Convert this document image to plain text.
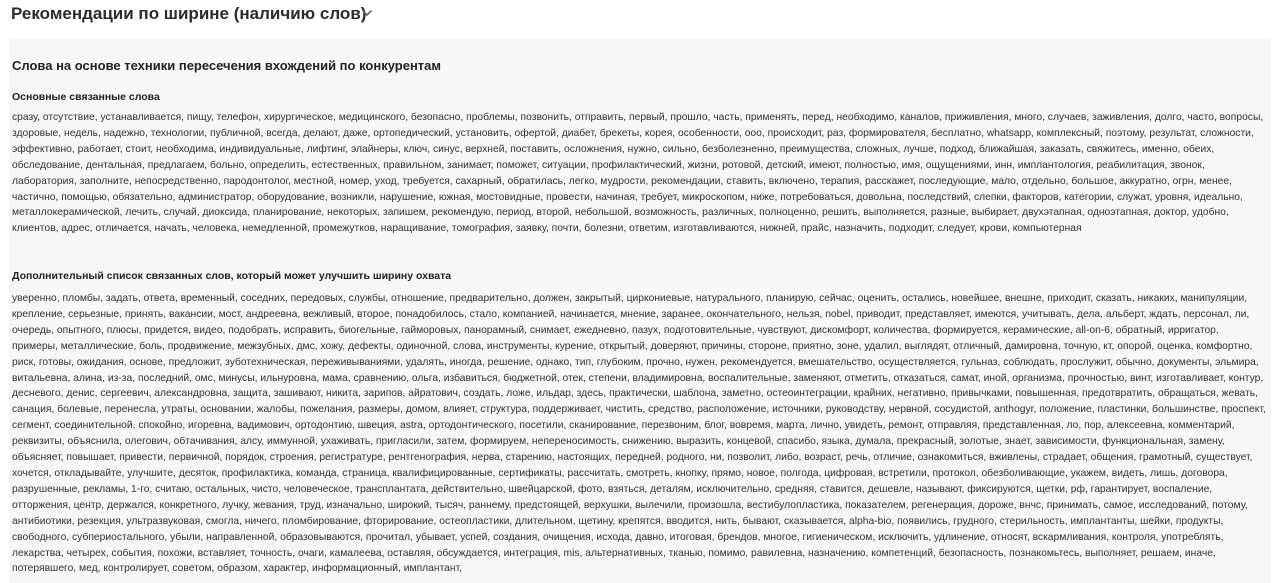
Рекомендации по ширине (наличию слов)
Слова на основе техники пересечения вхождений по конкурентам
Основные связанные слова
сразу, отсутствие, устанавливается, пищу, телефон, хирургическое, медицинского, безопасно, проблемы, позвонить, отправить, первый, прошло, часть, применять, перед, необходимо, каналов, приживления, много, случаев, заживления, долго, часто, вопросы, здоровые, недель, надежно, технологии, публичной, всегда, делают, даже, ортопедический, установить, офертой, диабет, брекеты, корея, особенности, ооо, происходит, раз, формирователя, бесплатно, whatsapp, комплексный, поэтому, результат, сложности, эффективно, работает, стоит, необходима, индивидуальные, лифтинг, элайнеры, ключ, синус, верхней, поставить, осложнения, нужно, сильно, безболезненно, преимущества, сложных, лучше, подход, ближайшая, заказать, свяжитесь, именно, обеих, обследование, дентальная, предлагаем, больно, определить, естественных, правильном, занимает, поможет, ситуации, профилактический, жизни, ротовой, детский, имеют, полностью, имя, ощущениями, инн, имплантология, реабилитация, звонок, лаборатория, заполните, непосредственно, пародонтолог, местной, номер, уход, требуется, сахарный, обратилась, легко, мудрости, рекомендации, ставить, включено, терапия, расскажет, последующие, мало, отдельно, большое, аккуратно, огрн, менее, частично, помощью, обязательно, администратор, оборудование, возникли, нарушение, южная, мостовидные, провести, начиная, требует, микроскопом, ниже, потребоваться, довольна, последствий, слепки, факторов, категории, служат, уровня, идеально, металлокерамической, лечить, случай, диоксида, планирование, некоторых, запишем, рекомендую, период, второй, небольшой, возможность, различных, полноценно, решить, выполняется, разные, выбирает, двухэтапная, одноэтапная, доктор, удобно, клиентов, адрес, отличается, начать, человека, немедленной, промежутков, наращивание, томография, заявку, почти, болезни, ответим, изготавливаются, нижней, прайс, назначить, подходит, следует, крови, компьютерная
Дополнительный список связанных слов, который может улучшить ширину охвата
уверенно, пломбы, задать, ответа, временный, соседних, передовых, службы, отношение, предварительно, должен, закрытый, циркониевые, натурального, планирую, сейчас, оценить, остались, новейшее, внешне, приходит, сказать, никаких, манипуляции, крепление, серьезные, принять, вакансии, мост, андреевна, вежливый, второе, понадобилось, стало, компанией, начинается, мнение, заранее, окончательного, нельзя, nobel, приводит, представляет, имеются, учитывать, дела, альберт, ждать, персонал, ли, очередь, опытного, плюсы, придется, видео, подобрать, исправить, биогельные, гайморовых, панорамный, снимает, ежедневно, пазух, подготовительные, чувствуют, дискомфорт, количества, формируется, керамические, all-on-6, обратный, ирригатор, примеры, металлические, боль, продвижение, межзубных, дмс, хожу, дефекты, одиночной, слова, инструменты, курение, открытый, доверяют, причины, стороне, приятно, зоне, удалил, выглядят, отличный, дамировна, точную, кт, опорой, оценка, комфортно, риск, готовы, ожидания, основе, предложит, зуботехническая, переживываниями, удалять, иногда, решение, однако, тип, глубоким, прочно, нужен, рекомендуется, вмешательство, осуществляется, гульназ, соблюдать, прослужит, обычно, документы, эльмира, витальевна, алина, из-за, последний, омс, минусы, ильнуровна, мама, сравнению, ольга, избавиться, бюджетной, отек, степени, владимировна, воспалительные, заменяют, отметить, отказаться, самат, иной, организма, прочностью, винт, изготавливает, контур, десневого, денис, сергеевич, александровна, защита, зашивают, никита, зарипов, айратович, создать, ложе, ильдар, здесь, практически, шаблона, заметно, остеоинтеграции, крайних, негативно, привычками, повышенная, предотвратить, обращаться, жевать, санация, болевые, перенесла, утраты, основании, жалобы, пожелания, размеры, домом, влияет, структура, поддерживает, чистить, средство, расположение, источники, руководству, нервной, сосудистой, anthogyr, положение, пластинки, большинстве, проспект, сегмент, соединительной, спокойно, игоревна, вадимович, ортодонтию, швеция, astra, ортодонтического, посетили, сканирование, перезвоним, блог, вовремя, марта, лично, увидеть, ремонт, отправляя, представленная, ло, пор, алексеевна, комментарий, реквизиты, объяснила, олегович, обтачивания, алсу, иммунной, ухаживать, пригласили, затем, формируем, непереносимость, снижению, выразить, концевой, спасибо, языка, думала, прекрасный, золотые, знает, зависимости, функциональная, замену, объясняет, повышает, привести, первичной, порядок, строения, регистратуре, рентгенография, нерва, старению, настоящих, передней, родного, ни, позволит, либо, возраст, речь, отличие, ознакомиться, вживлены, страдает, общения, грамотный, существует, хочется, откладывайте, улучшите, десяток, профилактика, команда, страница, квалифицированные, сертификаты, рассчитать, смотреть, кнопку, прямо, новое, полгода, цифровая, встретили, протокол, обезболивающие, укажем, видеть, лишь, договора, разрушенные, рекламы, 1-го, считаю, остальных, чисто, человеческое, трансплантата, действительно, швейцарской, фото, взяться, деталям, исключительно, средняя, ставится, дешевле, называют, фиксируются, щетки, рф, гарантирует, воспаление, отторжения, центр, держался, конкретного, лучку, жевания, труд, изначально, широкий, тысяч, раннему, предстоящей, верхушки, вылечили, произошла, вестибулопластика, показателем, регенерация, дороже, внчс, принимать, самое, исследований, потому, антибиотики, резекция, ультразвуковая, смогла, ничего, пломбирование, фторирование, остеопластики, длительном, щетину, крепятся, вводится, нить, бывают, сказывается, alpha-bio, появились, грудного, стерильность, имплантанты, шейки, продукты, свободного, субпериостального, убыли, направленной, образовываются, прочитал, убывает, успей, создания, очищения, исхода, давно, итоговая, брендов, многое, гигиеническом, исключить, удлинение, относят, вскармливания, контроля, употреблять, лекарства, четырех, события, похожи, вставляет, точность, очаги, камалеева, оставляя, обсуждается, интеграция, mis, альтернативных, тканью, помимо, равилевна, назначению, компетенций, безопасность, познакомьтесь, выполняет, решаем, иначе, потерявшего, мед, контролирует, советом, образом, характер, информационный, имплантант,
